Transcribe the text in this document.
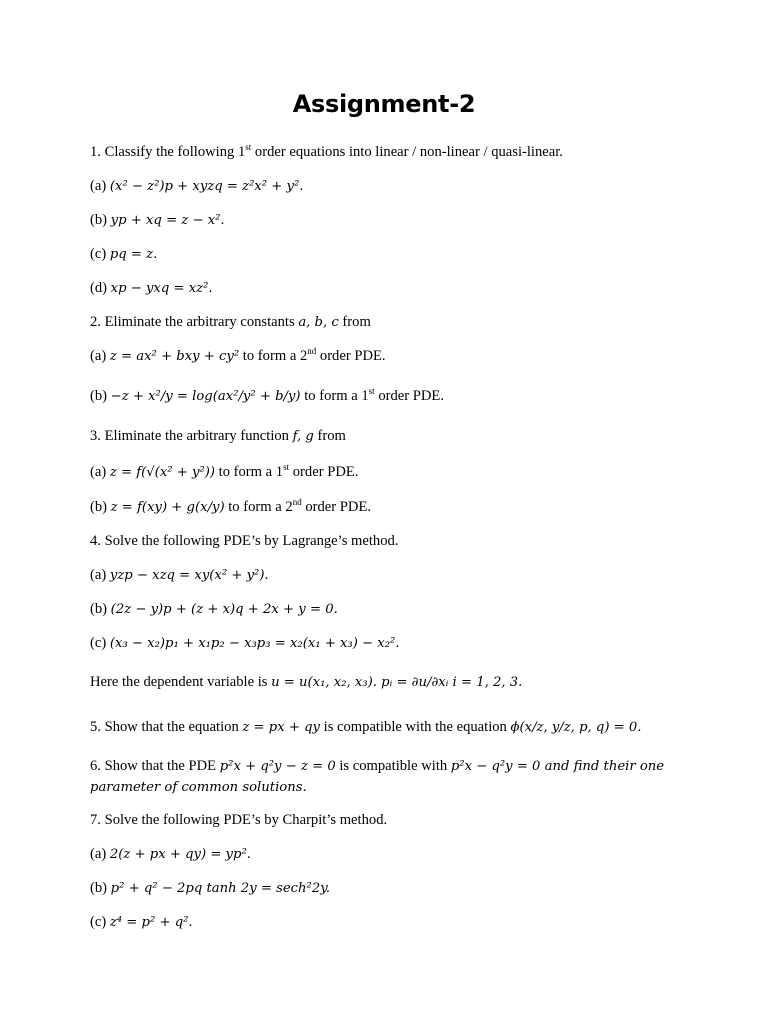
Assignment-2
1. Classify the following 1st order equations into linear / non-linear / quasi-linear.
(a) (x² − z²)p + xyzq = z²x² + y².
(b) yp + xq = z − x².
(c) pq = z.
(d) xp − yxq = xz².
2. Eliminate the arbitrary constants a, b, c from
(a) z = ax² + bxy + cy² to form a 2nd order PDE.
(b) −z + x²/y = log(ax²/y² + b/y) to form a 1st order PDE.
3. Eliminate the arbitrary function f, g from
(a) z = f(√(x² + y²)) to form a 1st order PDE.
(b) z = f(xy) + g(x/y) to form a 2nd order PDE.
4. Solve the following PDE’s by Lagrange’s method.
(a) yzp − xzq = xy(x² + y²).
(b) (2z − y)p + (z + x)q + 2x + y = 0.
(c) (x₃ − x₂)p₁ + x₁p₂ − x₃p₃ = x₂(x₁ + x₃) − x₂².
Here the dependent variable is u = u(x₁, x₂, x₃). pᵢ = ∂u/∂xᵢ i = 1, 2, 3.
5. Show that the equation z = px + qy is compatible with the equation ϕ(x/z, y/z, p, q) = 0.
6. Show that the PDE p²x + q²y − z = 0 is compatible with p²x − q²y = 0 and find their one parameter of common solutions.
7. Solve the following PDE’s by Charpit’s method.
(a) 2(z + px + qy) = yp².
(b) p² + q² − 2pq tanh 2y = sech²2y.
(c) z⁴ = p² + q².
